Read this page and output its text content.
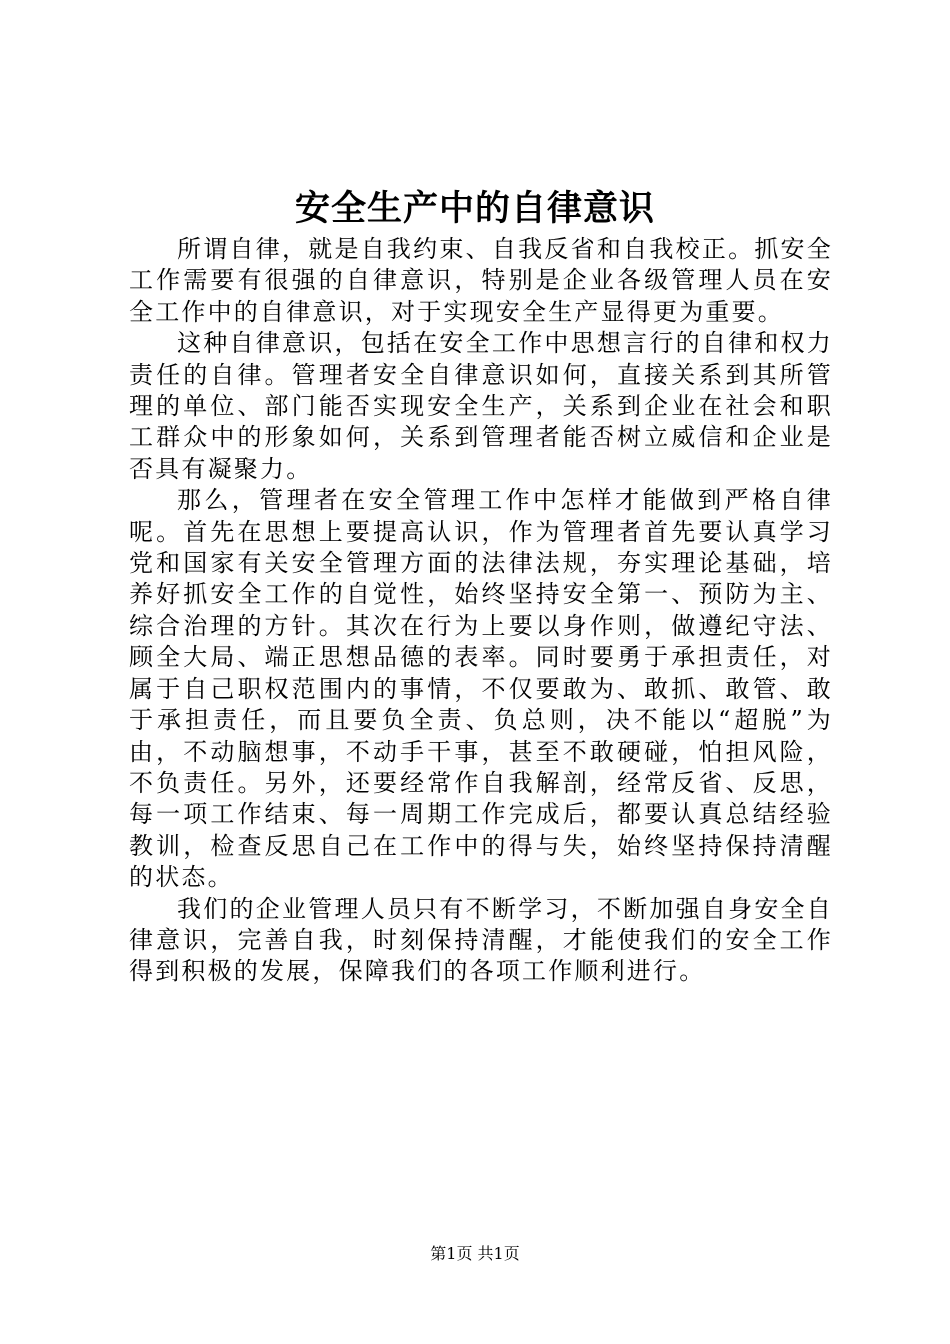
安全生产中的自律意识

所谓自律，就是自我约束、自我反省和自我校正。抓安全工作需要有很强的自律意识，特别是企业各级管理人员在安全工作中的自律意识，对于实现安全生产显得更为重要。

这种自律意识，包括在安全工作中思想言行的自律和权力责任的自律。管理者安全自律意识如何，直接关系到其所管理的单位、部门能否实现安全生产，关系到企业在社会和职工群众中的形象如何，关系到管理者能否树立威信和企业是否具有凝聚力。

那么，管理者在安全管理工作中怎样才能做到严格自律呢。首先在思想上要提高认识，作为管理者首先要认真学习党和国家有关安全管理方面的法律法规，夯实理论基础，培养好抓安全工作的自觉性，始终坚持安全第一、预防为主、综合治理的方针。其次在行为上要以身作则，做遵纪守法、顾全大局、端正思想品德的表率。同时要勇于承担责任，对属于自己职权范围内的事情，不仅要敢为、敢抓、敢管、敢于承担责任，而且要负全责、负总则，决不能以“超脱”为由，不动脑想事，不动手干事，甚至不敢硬碰，怕担风险，不负责任。另外，还要经常作自我解剖，经常反省、反思，每一项工作结束、每一周期工作完成后，都要认真总结经验教训，检查反思自己在工作中的得与失，始终坚持保持清醒的状态。

我们的企业管理人员只有不断学习，不断加强自身安全自律意识，完善自我，时刻保持清醒，才能使我们的安全工作得到积极的发展，保障我们的各项工作顺利进行。

第1页 共1页
